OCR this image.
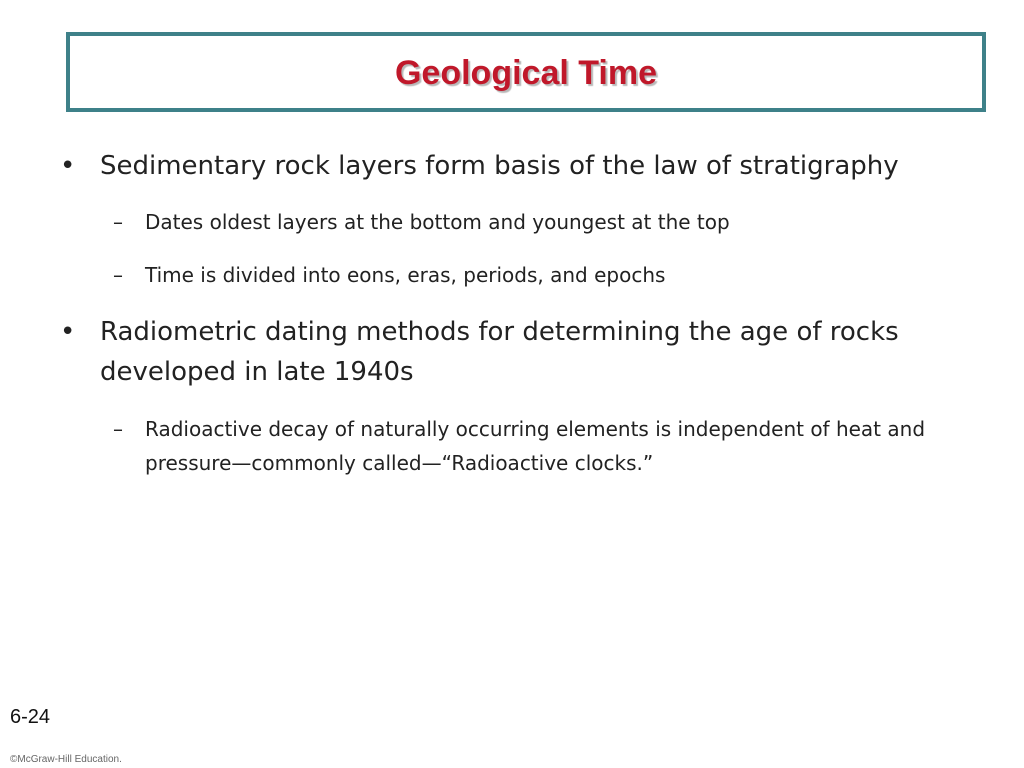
Geological Time
• Sedimentary rock layers form basis of the law of stratigraphy
– Dates oldest layers at the bottom and youngest at the top
– Time is divided into eons, eras, periods, and epochs
• Radiometric dating methods for determining the age of rocks developed in late 1940s
– Radioactive decay of naturally occurring elements is independent of heat and pressure—commonly called—“Radioactive clocks.”
6-24
©McGraw-Hill Education.
